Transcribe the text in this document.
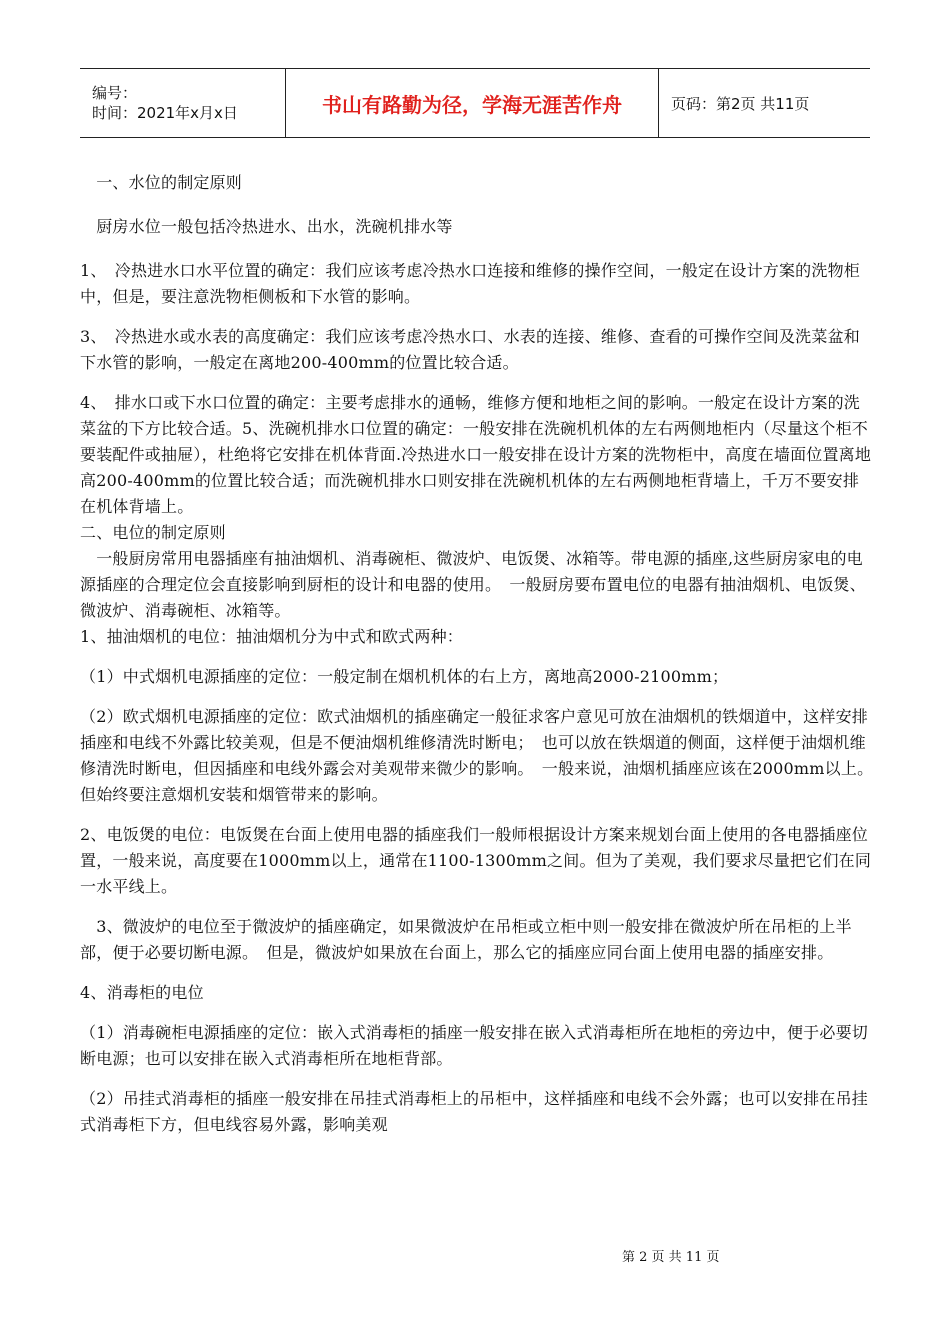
编号：
时间：2021年x月x日	书山有路勤为径，学海无涯苦作舟	页码：第2页 共11页

　一、水位的制定原则

　厨房水位一般包括冷热进水、出水，洗碗机排水等

1、　冷热进水口水平位置的确定：我们应该考虑冷热水口连接和维修的操作空间，一般定在设计方案的洗物柜中，但是，要注意洗物柜侧板和下水管的影响。

3、　冷热进水或水表的高度确定：我们应该考虑冷热水口、水表的连接、维修、查看的可操作空间及洗菜盆和下水管的影响，一般定在离地200-400mm的位置比较合适。

4、　排水口或下水口位置的确定：主要考虑排水的通畅，维修方便和地柜之间的影响。一般定在设计方案的洗菜盆的下方比较合适。5、洗碗机排水口位置的确定：一般安排在洗碗机机体的左右两侧地柜内（尽量这个柜不要装配件或抽屉），杜绝将它安排在机体背面.冷热进水口一般安排在设计方案的洗物柜中，高度在墙面位置离地高200-400mm的位置比较合适；而洗碗机排水口则安排在洗碗机机体的左右两侧地柜背墙上，千万不要安排在机体背墙上。

二、电位的制定原则

　一般厨房常用电器插座有抽油烟机、消毒碗柜、微波炉、电饭煲、冰箱等。带电源的插座,这些厨房家电的电源插座的合理定位会直接影响到厨柜的设计和电器的使用。　一般厨房要布置电位的电器有抽油烟机、电饭煲、微波炉、消毒碗柜、冰箱等。

1、抽油烟机的电位：抽油烟机分为中式和欧式两种：

（1）中式烟机电源插座的定位：一般定制在烟机机体的右上方，离地高2000-2100mm；

（2）欧式烟机电源插座的定位：欧式油烟机的插座确定一般征求客户意见可放在油烟机的铁烟道中，这样安排插座和电线不外露比较美观，但是不便油烟机维修清洗时断电；　也可以放在铁烟道的侧面，这样便于油烟机维修清洗时断电，但因插座和电线外露会对美观带来微少的影响。　一般来说，油烟机插座应该在2000mm以上。但始终要注意烟机安装和烟管带来的影响。

2、电饭煲的电位：电饭煲在台面上使用电器的插座我们一般师根据设计方案来规划台面上使用的各电器插座位置，一般来说，高度要在1000mm以上，通常在1100-1300mm之间。但为了美观，我们要求尽量把它们在同一水平线上。

　3、微波炉的电位至于微波炉的插座确定，如果微波炉在吊柜或立柜中则一般安排在微波炉所在吊柜的上半部，便于必要切断电源。　但是，微波炉如果放在台面上，那么它的插座应同台面上使用电器的插座安排。

4、消毒柜的电位

（1）消毒碗柜电源插座的定位：嵌入式消毒柜的插座一般安排在嵌入式消毒柜所在地柜的旁边中，便于必要切断电源；也可以安排在嵌入式消毒柜所在地柜背部。

（2）吊挂式消毒柜的插座一般安排在吊挂式消毒柜上的吊柜中，这样插座和电线不会外露；也可以安排在吊挂式消毒柜下方，但电线容易外露，影响美观

第 2 页 共 11 页
